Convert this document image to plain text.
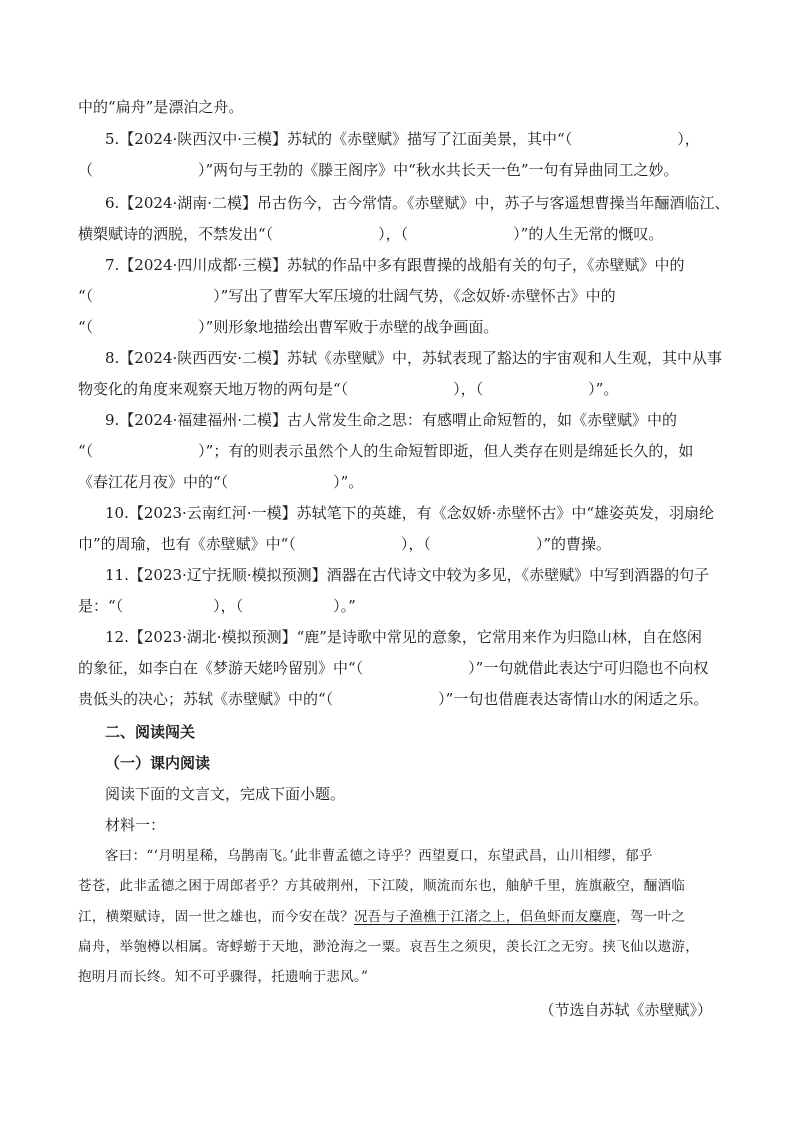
中的“扁舟”是漂泊之舟。
5.【2024·陕西汉中·三模】苏轼的《赤壁赋》描写了江面美景，其中“（　　　　　　　），
（　　　　　　　）”两句与王勃的《滕王阁序》中“秋水共长天一色”一句有异曲同工之妙。
6.【2024·湖南·二模】吊古伤今，古今常情。《赤壁赋》中，苏子与客遥想曹操当年酾酒临江、
横槊赋诗的洒脱，不禁发出“（　　　　　　　），（　　　　　　　）”的人生无常的慨叹。
7.【2024·四川成都·三模】苏轼的作品中多有跟曹操的战船有关的句子，《赤壁赋》中的
“（　　　　　　　　）”写出了曹军大军压境的壮阔气势，《念奴娇·赤壁怀古》中的
“（　　　　　　　）”则形象地描绘出曹军败于赤壁的战争画面。
8.【2024·陕西西安·二模】苏轼《赤壁赋》中，苏轼表现了豁达的宇宙观和人生观，其中从事
物变化的角度来观察天地万物的两句是“（　　　　　　　），（　　　　　　　）”。
9.【2024·福建福州·二模】古人常发生命之思：有感喟止命短暂的，如《赤壁赋》中的
“（　　　　　　　）”；有的则表示虽然个人的生命短暂即逝，但人类存在则是绵延长久的，如
《春江花月夜》中的“（　　　　　　　）”。
10.【2023·云南红河·一模】苏轼笔下的英雄，有《念奴娇·赤壁怀古》中“雄姿英发，羽扇纶
巾”的周瑜，也有《赤壁赋》中“（　　　　　　　），（　　　　　　　）”的曹操。
11.【2023·辽宁抚顺·模拟预测】酒器在古代诗文中较为多见，《赤壁赋》中写到酒器的句子
是：“（　　　　　　），（　　　　　　）。”
12.【2023·湖北·模拟预测】“鹿”是诗歌中常见的意象，它常用来作为归隐山林，自在悠闲
的象征，如李白在《梦游天姥吟留别》中“（　　　　　　　）”一句就借此表达宁可归隐也不向权
贵低头的决心；苏轼《赤壁赋》中的“（　　　　　　　）”一句也借鹿表达寄情山水的闲适之乐。
二、阅读闯关
（一）课内阅读
阅读下面的文言文，完成下面小题。
材料一：
客曰：“‘月明星稀，乌鹊南飞。’此非曹孟德之诗乎？西望夏口，东望武昌，山川相缪，郁乎
苍苍，此非孟德之困于周郎者乎？方其破荆州，下江陵，顺流而东也，舳舻千里，旌旗蔽空，酾酒临
江，横槊赋诗，固一世之雄也，而今安在哉？况吾与子渔樵于江渚之上，侣鱼虾而友麋鹿，驾一叶之
扁舟，举匏樽以相属。寄蜉蝣于天地，渺沧海之一粟。哀吾生之须臾，羡长江之无穷。挟飞仙以遨游，
抱明月而长终。知不可乎骤得，托遗响于悲风。”
（节选自苏轼《赤壁赋》）
